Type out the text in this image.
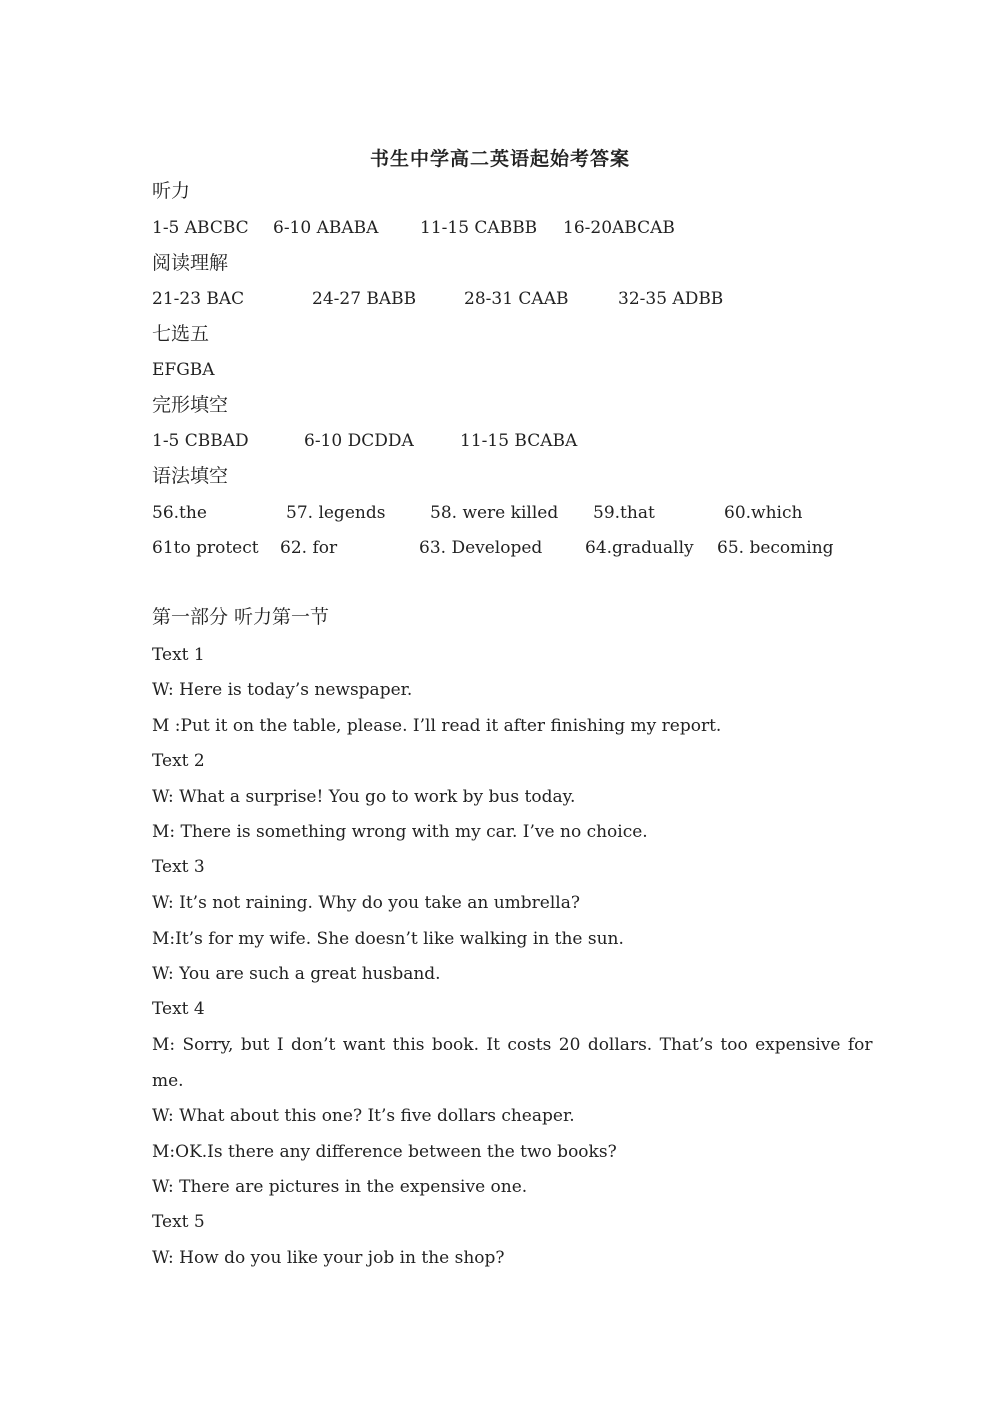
书生中学高二英语起始考答案
听力
1-5 ABCBC 6-10 ABABA 11-15 CABBB 16-20ABCAB
阅读理解
21-23 BAC	24-27 BABB	28-31 CAAB	32-35 ADBB
七选五
EFGBA
完形填空
1-5 CBBAD	6-10 DCDDA	11-15 BCABA
语法填空
56.the	57. legends	58. were killed 59.that	60.which
61to protect 62. for	63. Developed	64.gradually 65. becoming
第一部分 听力第一节
Text 1
W: Here is today’s newspaper.
M :Put it on the table, please. I’ll read it after finishing my report.
Text 2
W: What a surprise! You go to work by bus today.
M: There is something wrong with my car. I’ve no choice.
Text 3
W: It’s not raining. Why do you take an umbrella?
M:It’s for my wife. She doesn’t like walking in the sun.
W: You are such a great husband.
Text 4
M: Sorry, but I don’t want this book. It costs 20 dollars. That’s too expensive for
me.
W: What about this one? It’s five dollars cheaper.
M:OK.Is there any difference between the two books?
W: There are pictures in the expensive one.
Text 5
W: How do you like your job in the shop?
